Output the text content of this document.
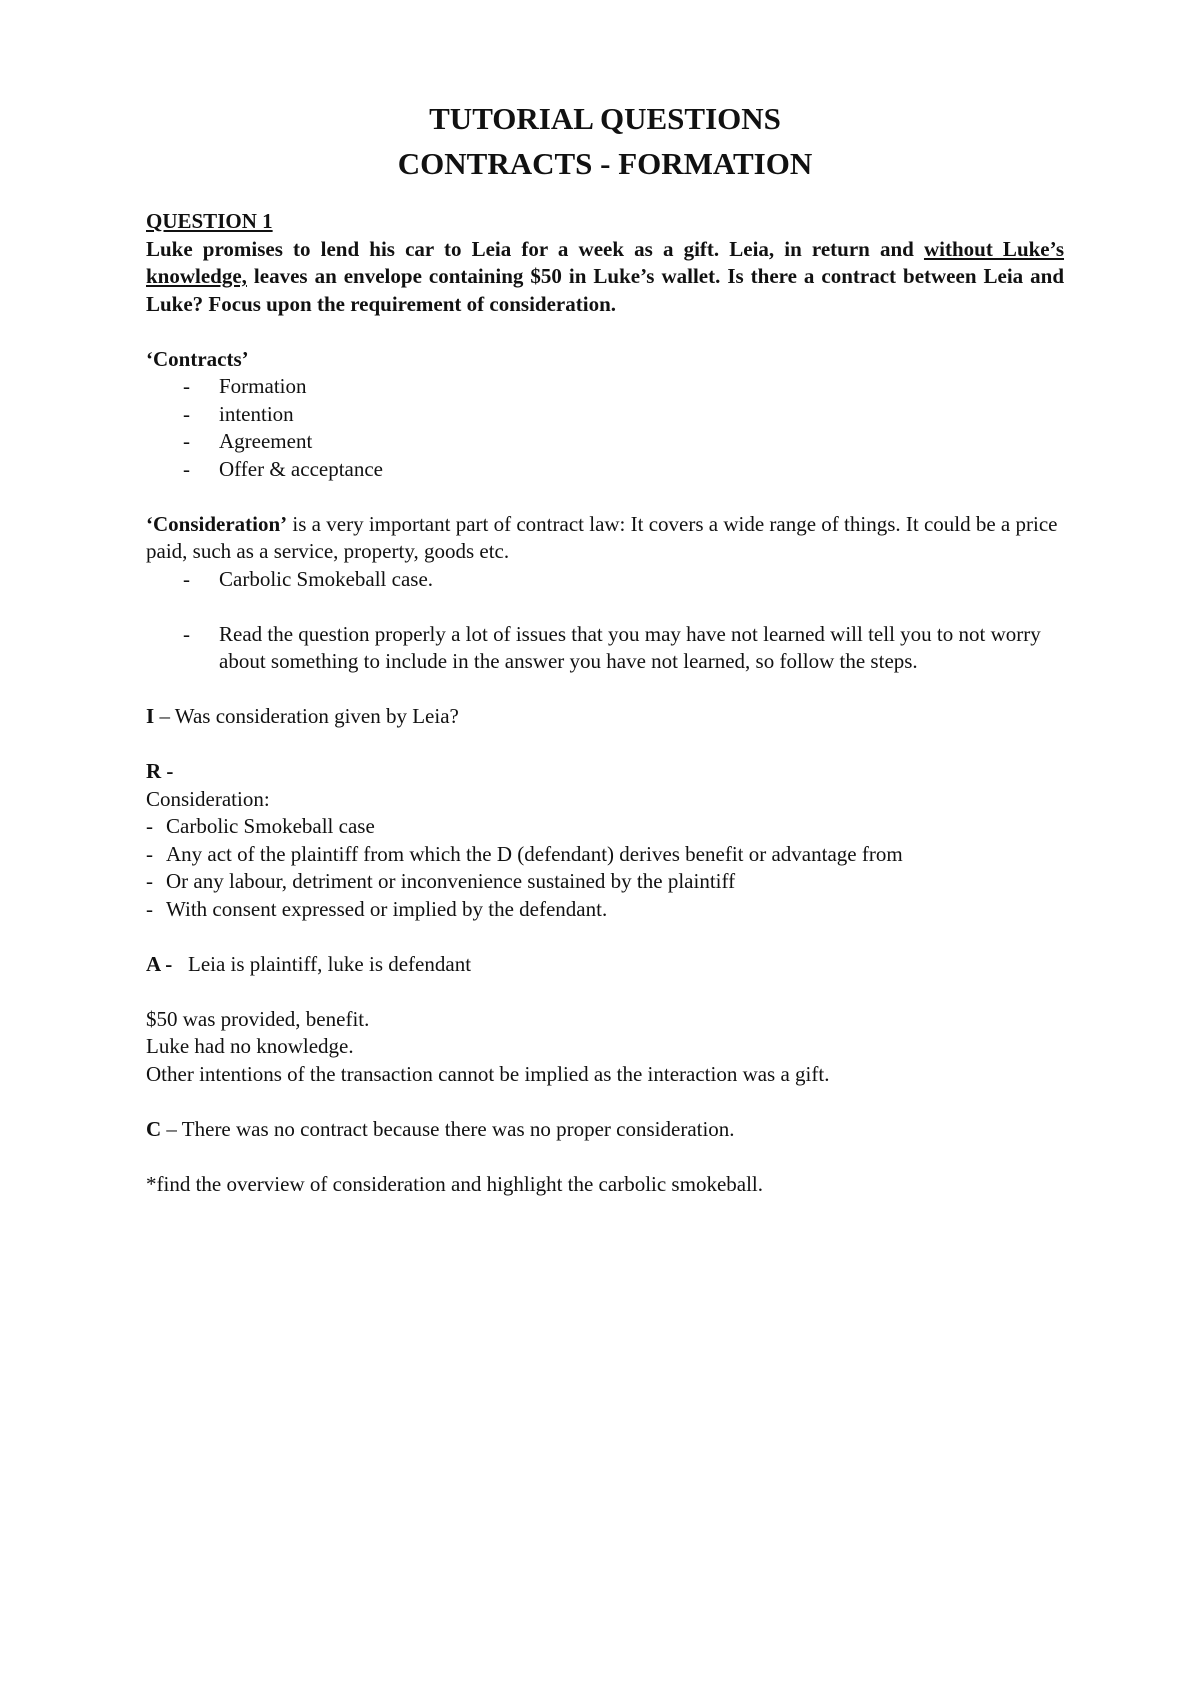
TUTORIAL QUESTIONS

CONTRACTS - FORMATION

QUESTION 1
Luke promises to lend his car to Leia for a week as a gift. Leia, in return and without Luke’s knowledge, leaves an envelope containing $50 in Luke’s wallet. Is there a contract between Leia and Luke? Focus upon the requirement of consideration.
‘Contracts’
- Formation
- intention
- Agreement
- Offer & acceptance
‘Consideration’ is a very important part of contract law: It covers a wide range of things. It could be a price paid, such as a service, property, goods etc.
- Carbolic Smokeball case.
- Read the question properly a lot of issues that you may have not learned will tell you to not worry about something to include in the answer you have not learned, so follow the steps.
I – Was consideration given by Leia?
R -
Consideration:
- Carbolic Smokeball case
- Any act of the plaintiff from which the D (defendant) derives benefit or advantage from
- Or any labour, detriment or inconvenience sustained by the plaintiff
- With consent expressed or implied by the defendant.
A - Leia is plaintiff, luke is defendant
$50 was provided, benefit.
Luke had no knowledge.
Other intentions of the transaction cannot be implied as the interaction was a gift.
C – There was no contract because there was no proper consideration.
*find the overview of consideration and highlight the carbolic smokeball.
